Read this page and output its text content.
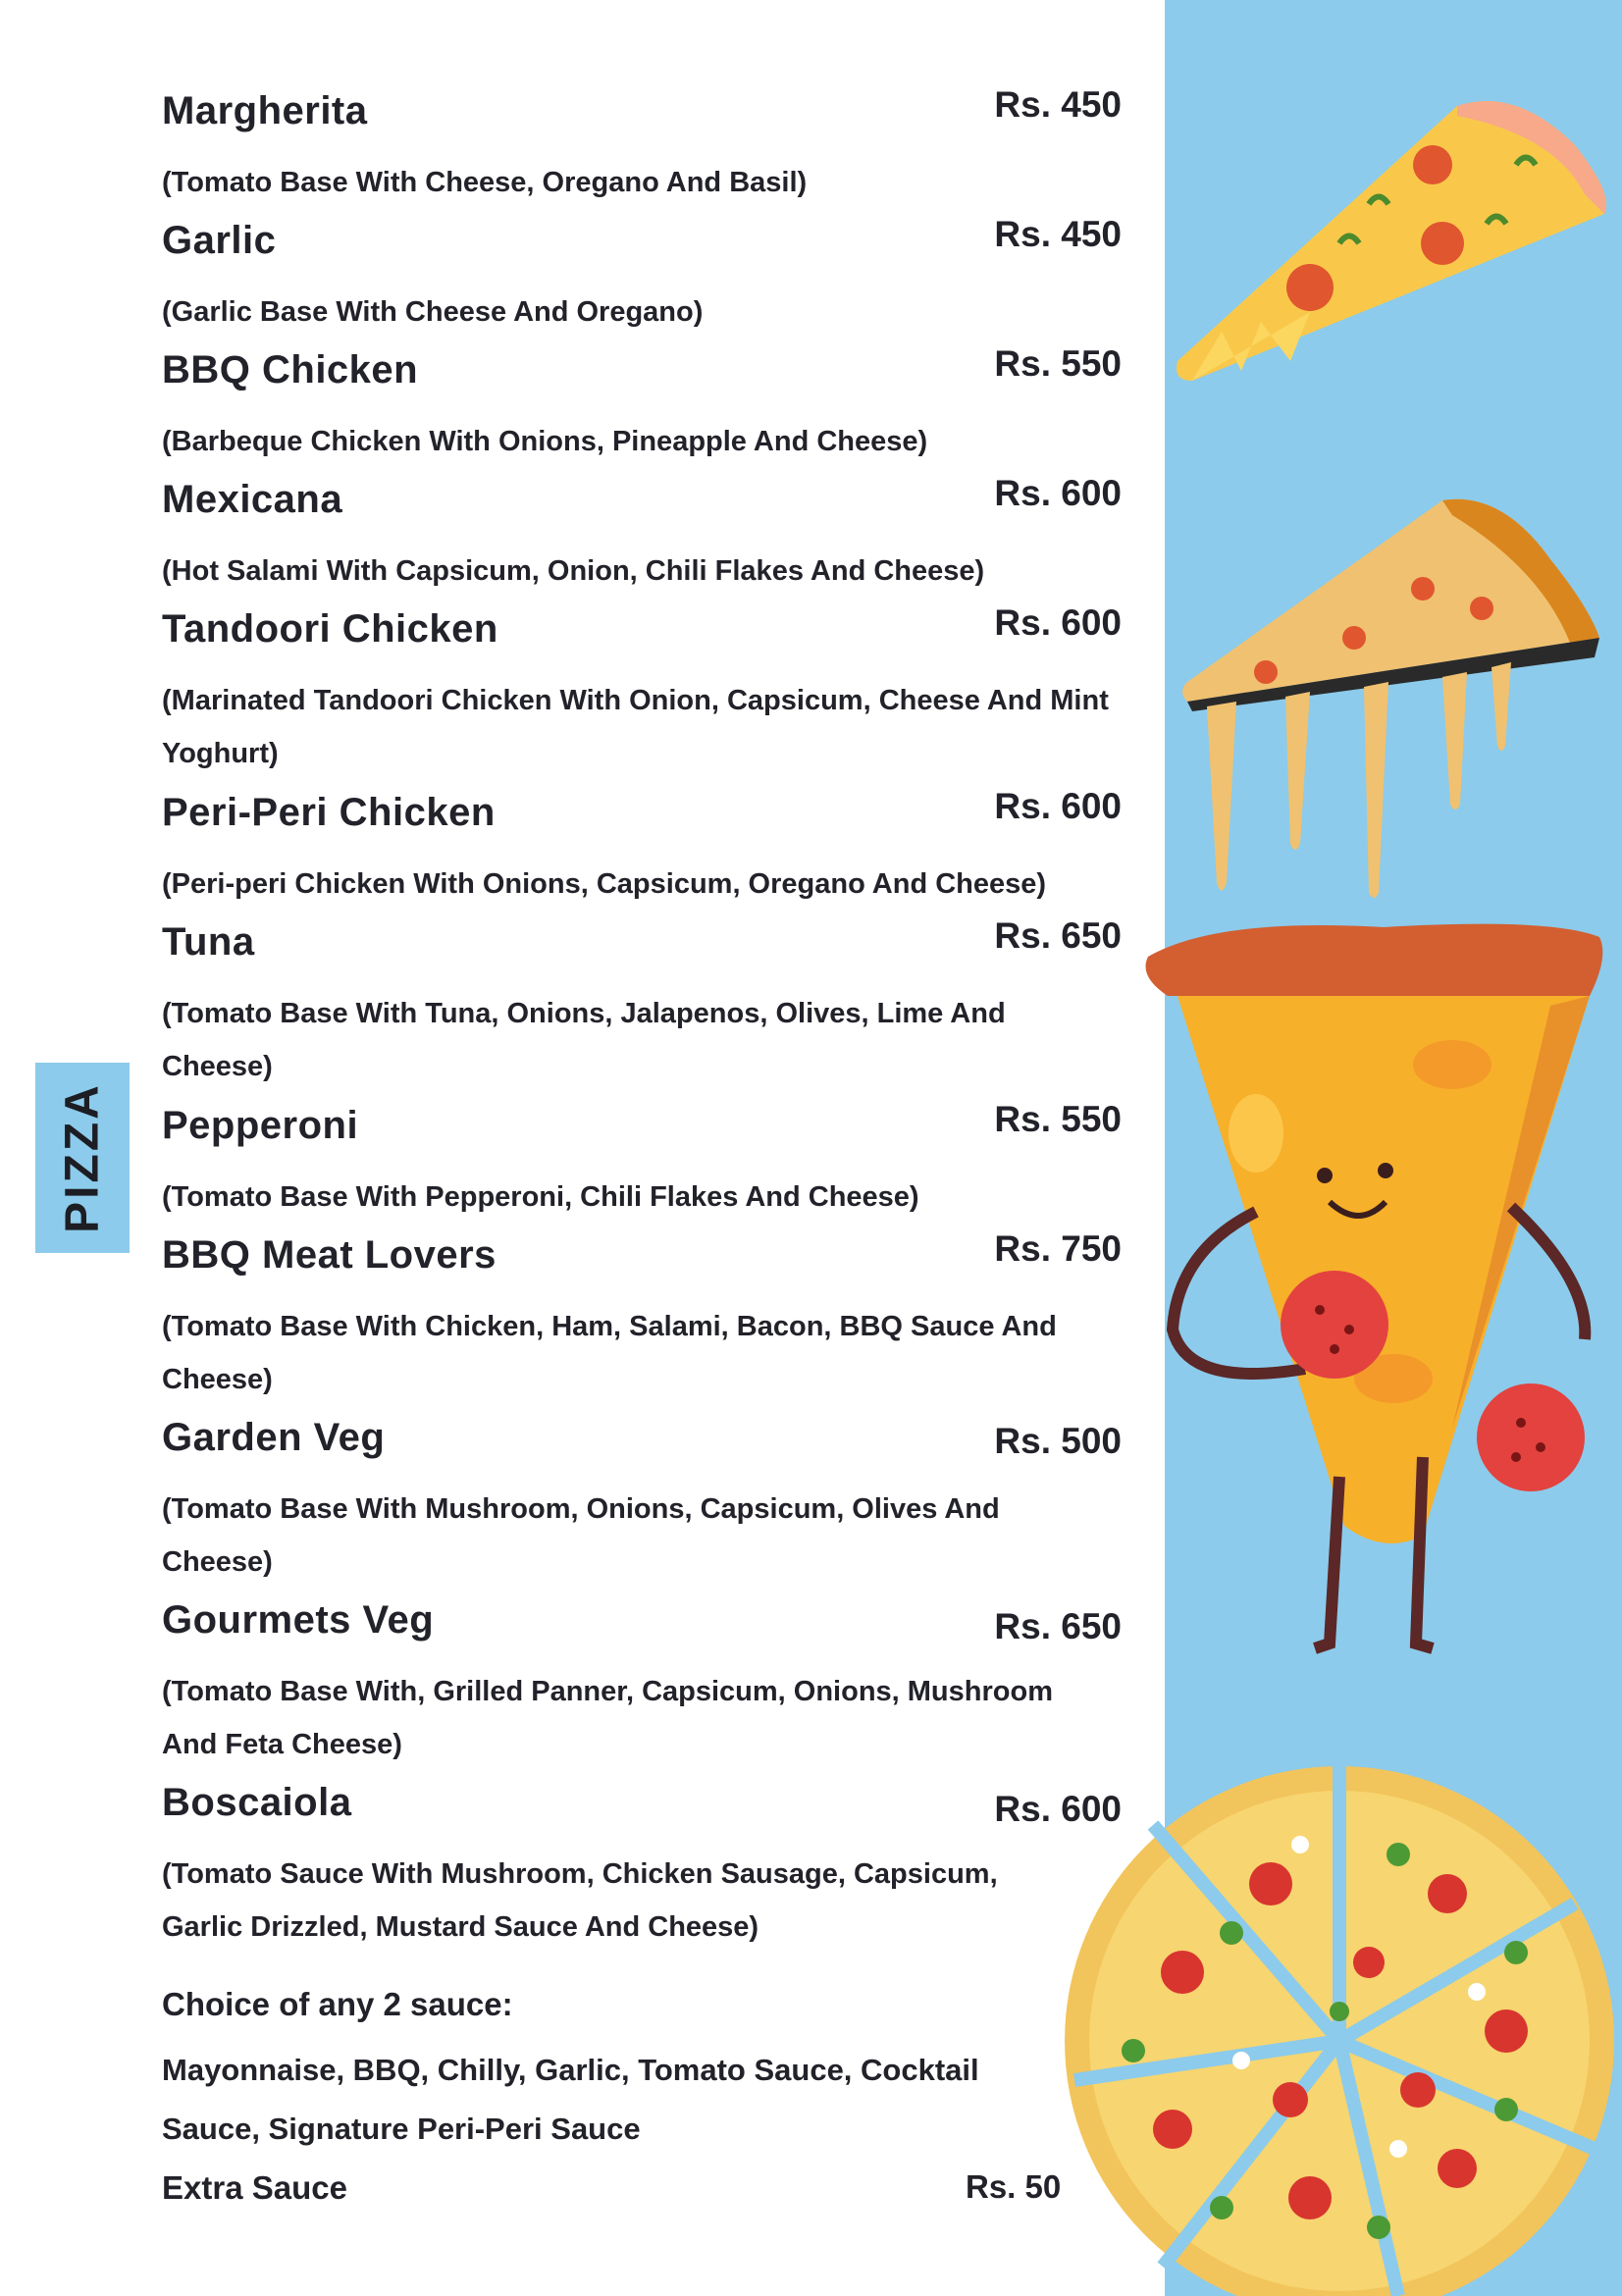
PIZZA
Margherita	Rs. 450
(Tomato Base With Cheese, Oregano And Basil)
Garlic	Rs. 450
(Garlic Base With Cheese And Oregano)
BBQ Chicken	Rs. 550
(Barbeque Chicken With Onions, Pineapple And Cheese)
Mexicana	Rs. 600
(Hot Salami With Capsicum, Onion, Chili Flakes And Cheese)
Tandoori Chicken	Rs. 600
(Marinated Tandoori Chicken With Onion, Capsicum, Cheese And Mint Yoghurt)
Peri-Peri Chicken	Rs. 600
(Peri-peri Chicken With Onions, Capsicum, Oregano And Cheese)
Tuna	Rs. 650
(Tomato Base With Tuna, Onions, Jalapenos, Olives, Lime And Cheese)
Pepperoni	Rs. 550
(Tomato Base With Pepperoni, Chili Flakes And Cheese)
BBQ Meat Lovers	Rs. 750
(Tomato Base With Chicken, Ham, Salami, Bacon, BBQ Sauce And Cheese)
Garden Veg	Rs. 500
(Tomato Base With Mushroom, Onions, Capsicum, Olives And Cheese)
Gourmets Veg	Rs. 650
(Tomato Base With, Grilled Panner, Capsicum, Onions, Mushroom And Feta Cheese)
Boscaiola	Rs. 600
(Tomato Sauce With Mushroom, Chicken Sausage, Capsicum, Garlic Drizzled, Mustard Sauce And Cheese)
Choice of any 2 sauce:
Mayonnaise, BBQ, Chilly, Garlic, Tomato Sauce, Cocktail Sauce, Signature Peri-Peri Sauce
Extra Sauce	Rs. 50
